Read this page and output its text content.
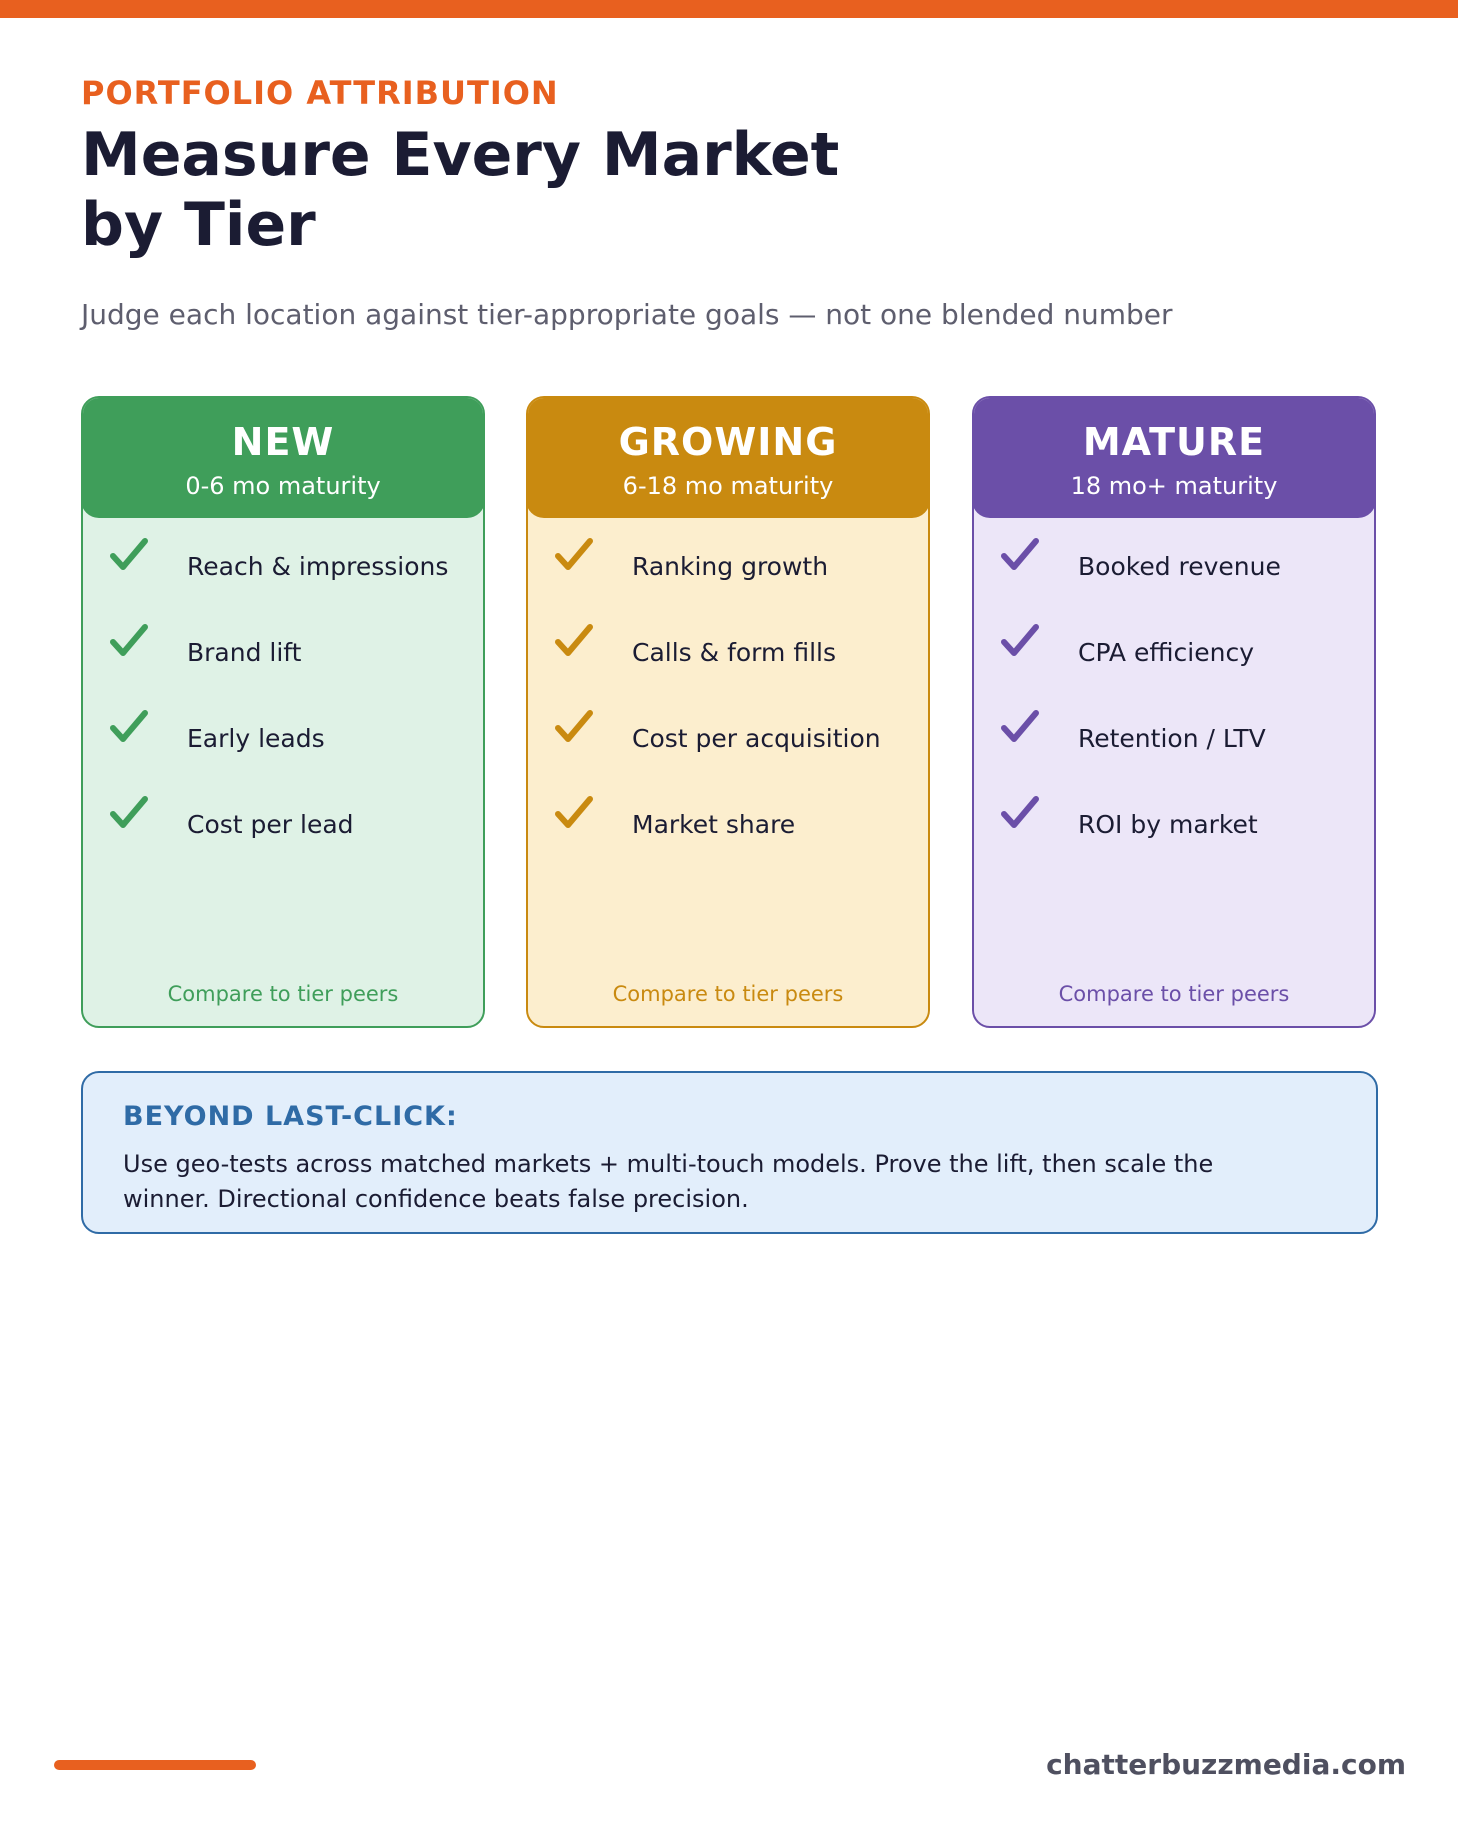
PORTFOLIO ATTRIBUTION
Measure Every Market
by Tier
Judge each location against tier-appropriate goals — not one blended number
NEW
0-6 mo maturity
Reach & impressions
Brand lift
Early leads
Cost per lead
Compare to tier peers
GROWING
6-18 mo maturity
Ranking growth
Calls & form fills
Cost per acquisition
Market share
Compare to tier peers
MATURE
18 mo+ maturity
Booked revenue
CPA efficiency
Retention / LTV
ROI by market
Compare to tier peers
BEYOND LAST-CLICK:
Use geo-tests across matched markets + multi-touch models. Prove the lift, then scale the winner. Directional confidence beats false precision.
chatterbuzzmedia.com
